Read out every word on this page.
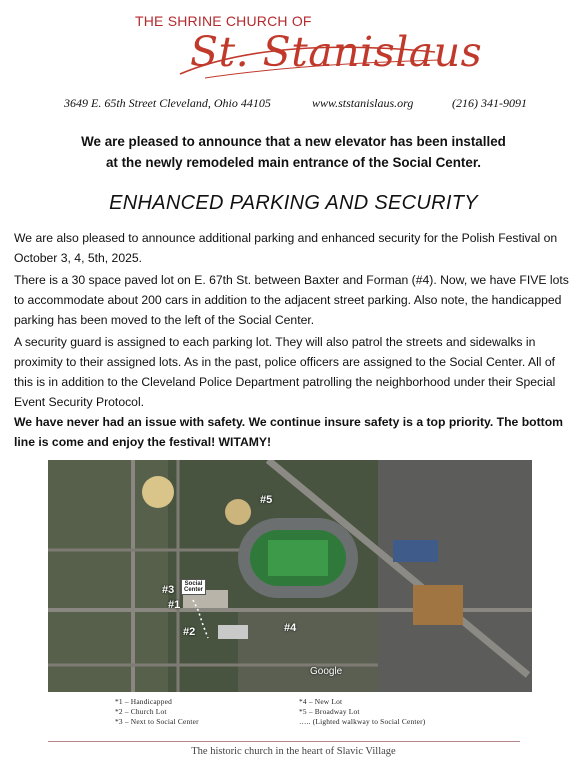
THE SHRINE CHURCH OF
St. Stanislaus
3649 E. 65th Street Cleveland, Ohio 44105	www.ststanislaus.org	(216) 341-9091
We are pleased to announce that a new elevator has been installed
at the newly remodeled main entrance of the Social Center.
ENHANCED PARKING AND SECURITY
We are also pleased to announce additional parking and enhanced security for the Polish Festival on October 3, 4, 5th, 2025.
There is a 30 space paved lot on E. 67th St. between Baxter and Forman (#4). Now, we have FIVE lots to accommodate about 200 cars in addition to the adjacent street parking. Also note, the handicapped parking has been moved to the left of the Social Center.
A security guard is assigned to each parking lot. They will also patrol the streets and sidewalks in proximity to their assigned lots. As in the past, police officers are assigned to the Social Center. All of this is in addition to the Cleveland Police Department patrolling the neighborhood under their Special Event Security Protocol.
We have never had an issue with safety. We continue insure safety is a top priority. The bottom line is come and enjoy the festival! WITAMY!
#5
#3	Social
Center
#1
#2	#4
Google
*1 – Handicapped
*2 – Church Lot
*3 – Next to Social Center
*4 – New Lot
*5 – Broadway Lot
….. (Lighted walkway to Social Center)
The historic church in the heart of Slavic Village
